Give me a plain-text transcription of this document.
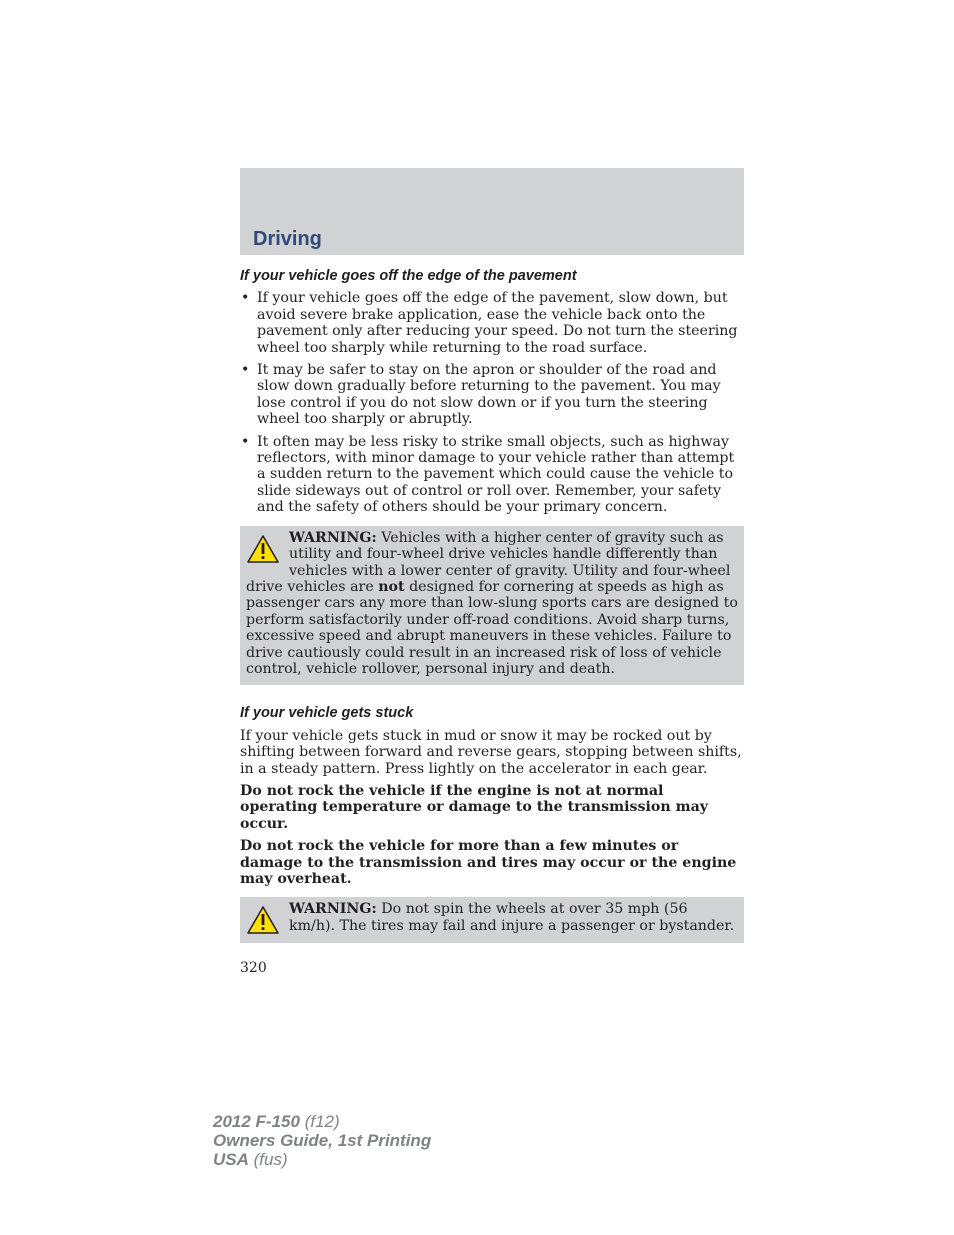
Driving
If your vehicle goes off the edge of the pavement
• If your vehicle goes off the edge of the pavement, slow down, but avoid severe brake application, ease the vehicle back onto the pavement only after reducing your speed. Do not turn the steering wheel too sharply while returning to the road surface.
• It may be safer to stay on the apron or shoulder of the road and slow down gradually before returning to the pavement. You may lose control if you do not slow down or if you turn the steering wheel too sharply or abruptly.
• It often may be less risky to strike small objects, such as highway reflectors, with minor damage to your vehicle rather than attempt a sudden return to the pavement which could cause the vehicle to slide sideways out of control or roll over. Remember, your safety and the safety of others should be your primary concern.
WARNING: Vehicles with a higher center of gravity such as utility and four-wheel drive vehicles handle differently than vehicles with a lower center of gravity. Utility and four-wheel drive vehicles are not designed for cornering at speeds as high as passenger cars any more than low-slung sports cars are designed to perform satisfactorily under off-road conditions. Avoid sharp turns, excessive speed and abrupt maneuvers in these vehicles. Failure to drive cautiously could result in an increased risk of loss of vehicle control, vehicle rollover, personal injury and death.
If your vehicle gets stuck

If your vehicle gets stuck in mud or snow it may be rocked out by shifting between forward and reverse gears, stopping between shifts, in a steady pattern. Press lightly on the accelerator in each gear.

Do not rock the vehicle if the engine is not at normal operating temperature or damage to the transmission may occur.

Do not rock the vehicle for more than a few minutes or damage to the transmission and tires may occur or the engine may overheat.

WARNING: Do not spin the wheels at over 35 mph (56 km/h). The tires may fail and injure a passenger or bystander.
320
2012 F-150 (f12)
Owners Guide, 1st Printing
USA (fus)
